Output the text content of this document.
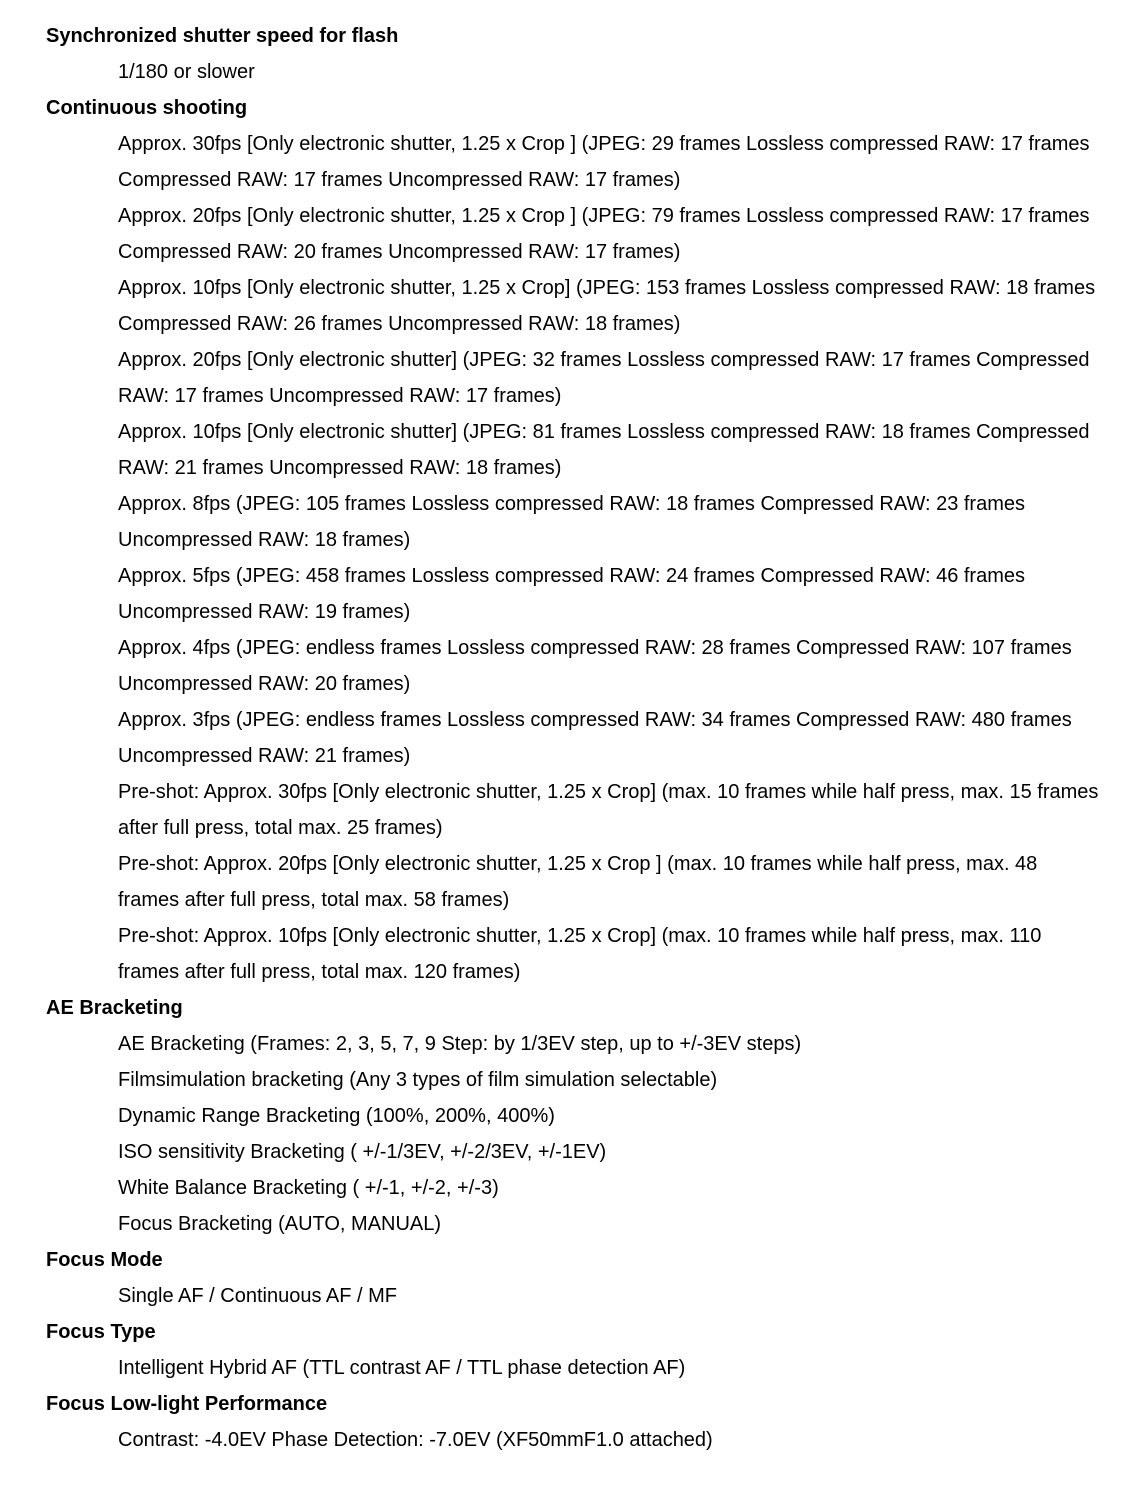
Synchronized shutter speed for flash
1/180 or slower
Continuous shooting
Approx. 30fps [Only electronic shutter, 1.25 x Crop ] (JPEG: 29 frames Lossless compressed RAW: 17 frames Compressed RAW: 17 frames Uncompressed RAW: 17 frames)
Approx. 20fps [Only electronic shutter, 1.25 x Crop ] (JPEG: 79 frames Lossless compressed RAW: 17 frames Compressed RAW: 20 frames Uncompressed RAW: 17 frames)
Approx. 10fps [Only electronic shutter, 1.25 x Crop] (JPEG: 153 frames Lossless compressed RAW: 18 frames Compressed RAW: 26 frames Uncompressed RAW: 18 frames)
Approx. 20fps [Only electronic shutter] (JPEG: 32 frames Lossless compressed RAW: 17 frames Compressed RAW: 17 frames Uncompressed RAW: 17 frames)
Approx. 10fps [Only electronic shutter] (JPEG: 81 frames Lossless compressed RAW: 18 frames Compressed RAW: 21 frames Uncompressed RAW: 18 frames)
Approx. 8fps (JPEG: 105 frames Lossless compressed RAW: 18 frames Compressed RAW: 23 frames Uncompressed RAW: 18 frames)
Approx. 5fps (JPEG: 458 frames Lossless compressed RAW: 24 frames Compressed RAW: 46 frames Uncompressed RAW: 19 frames)
Approx. 4fps (JPEG: endless frames Lossless compressed RAW: 28 frames Compressed RAW: 107 frames Uncompressed RAW: 20 frames)
Approx. 3fps (JPEG: endless frames Lossless compressed RAW: 34 frames Compressed RAW: 480 frames Uncompressed RAW: 21 frames)
Pre-shot: Approx. 30fps [Only electronic shutter, 1.25 x Crop] (max. 10 frames while half press, max. 15 frames after full press, total max. 25 frames)
Pre-shot: Approx. 20fps [Only electronic shutter, 1.25 x Crop ] (max. 10 frames while half press, max. 48 frames after full press, total max. 58 frames)
Pre-shot: Approx. 10fps [Only electronic shutter, 1.25 x Crop] (max. 10 frames while half press, max. 110 frames after full press, total max. 120 frames)
AE Bracketing
AE Bracketing (Frames: 2, 3, 5, 7, 9 Step: by 1/3EV step, up to +/-3EV steps)
Filmsimulation bracketing (Any 3 types of film simulation selectable)
Dynamic Range Bracketing (100%, 200%, 400%)
ISO sensitivity Bracketing ( +/-1/3EV, +/-2/3EV, +/-1EV)
White Balance Bracketing ( +/-1, +/-2, +/-3)
Focus Bracketing (AUTO, MANUAL)
Focus Mode
Single AF / Continuous AF / MF
Focus Type
Intelligent Hybrid AF (TTL contrast AF / TTL phase detection AF)
Focus Low-light Performance
Contrast: -4.0EV Phase Detection: -7.0EV (XF50mmF1.0 attached)
